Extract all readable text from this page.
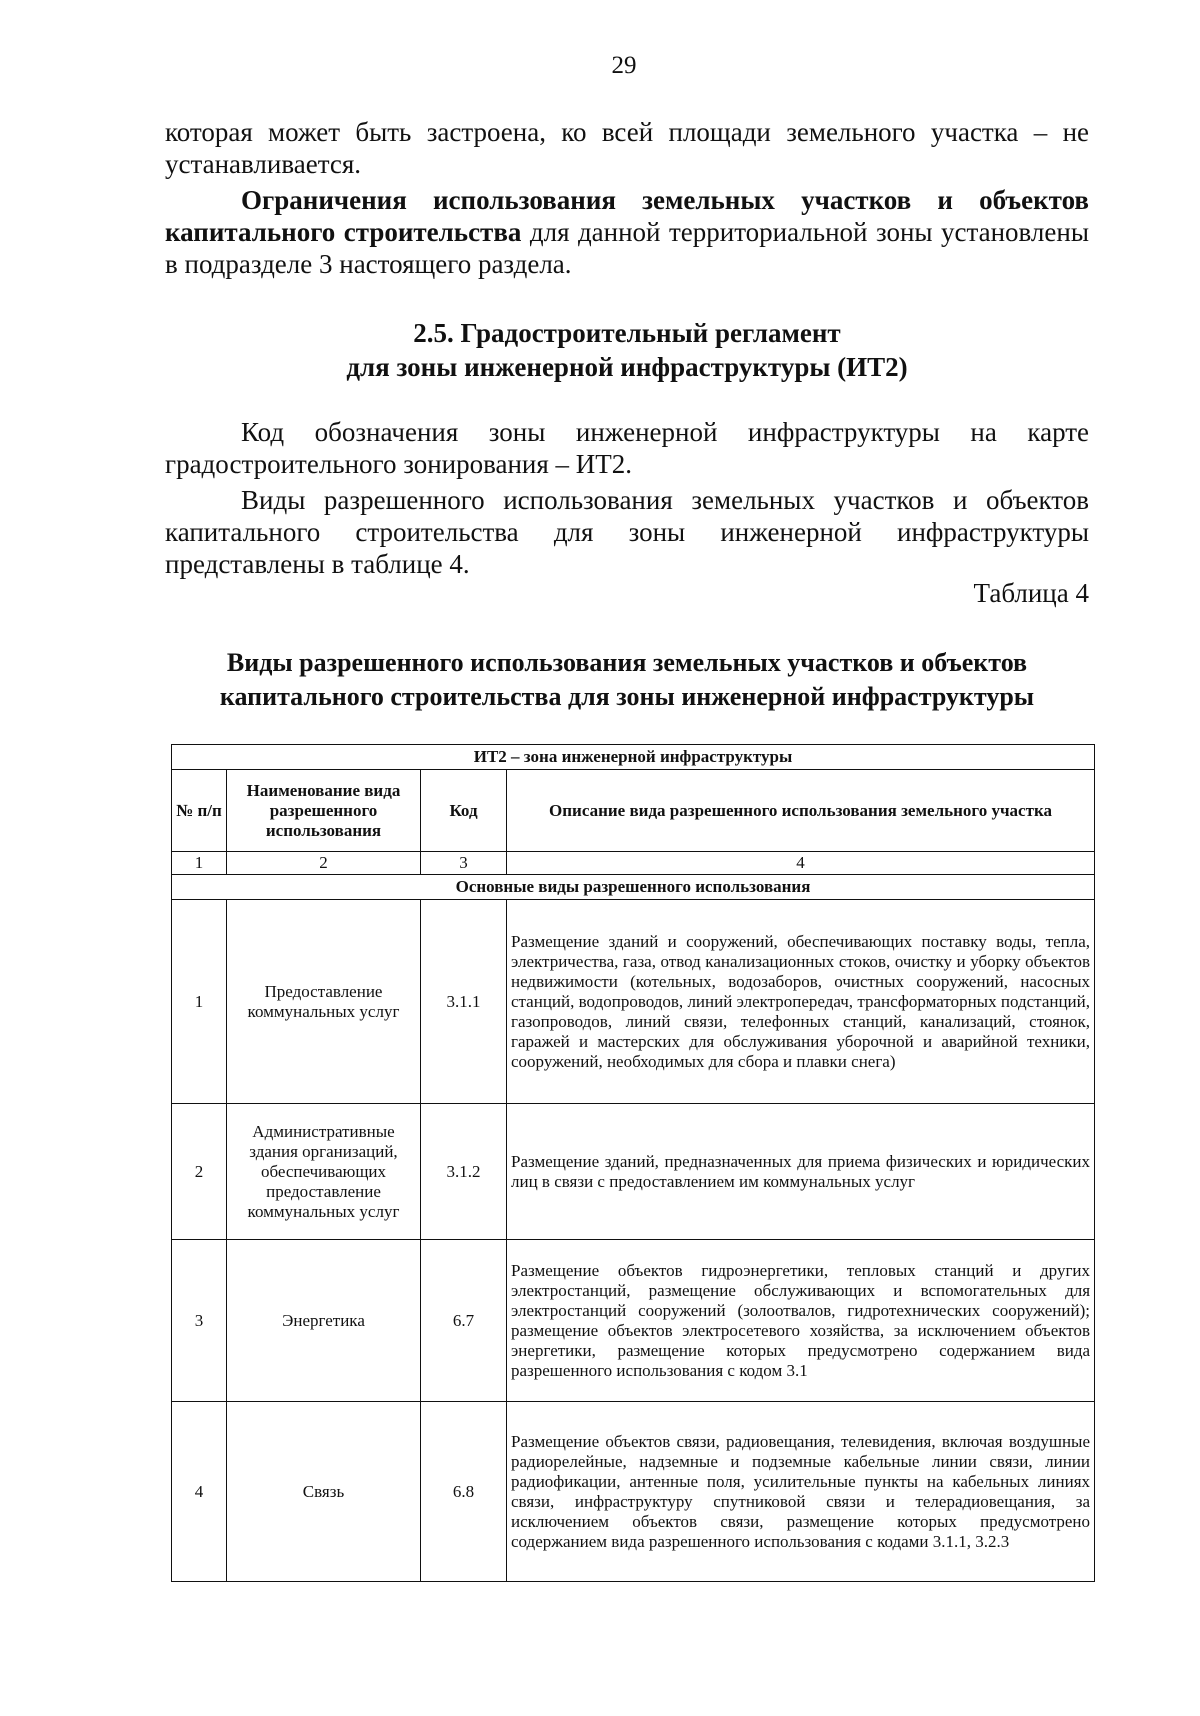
29
которая может быть застроена, ко всей площади земельного участка – не устанавливается.
Ограничения использования земельных участков и объектов капитального строительства для данной территориальной зоны установлены в подразделе 3 настоящего раздела.
2.5. Градостроительный регламент
для зоны инженерной инфраструктуры (ИТ2)
Код обозначения зоны инженерной инфраструктуры на карте градостроительного зонирования – ИТ2.
Виды разрешенного использования земельных участков и объектов капитального строительства для зоны инженерной инфраструктуры представлены в таблице 4.
Таблица 4
Виды разрешенного использования земельных участков и объектов
капитального строительства для зоны инженерной инфраструктуры
ИТ2 – зона инженерной инфраструктуры			
№ п/п	Наименование вида разрешенного использования	Код	Описание вида разрешенного использования земельного участка
1	2	3	4
Основные виды разрешенного использования			
1	Предоставление коммунальных услуг	3.1.1	Размещение зданий и сооружений, обеспечивающих поставку воды, тепла, электричества, газа, отвод канализационных стоков, очистку и уборку объектов недвижимости (котельных, водозаборов, очистных сооружений, насосных станций, водопроводов, линий электропередач, трансформаторных подстанций, газопроводов, линий связи, телефонных станций, канализаций, стоянок, гаражей и мастерских для обслуживания уборочной и аварийной техники, сооружений, необходимых для сбора и плавки снега)
2	Административные здания организаций, обеспечивающих предоставление коммунальных услуг	3.1.2	Размещение зданий, предназначенных для приема физических и юридических лиц в связи с предоставлением им коммунальных услуг
3	Энергетика	6.7	Размещение объектов гидроэнергетики, тепловых станций и других электростанций, размещение обслуживающих и вспомогательных для электростанций сооружений (золоотвалов, гидротехнических сооружений); размещение объектов электросетевого хозяйства, за исключением объектов энергетики, размещение которых предусмотрено содержанием вида разрешенного использования с кодом 3.1
4	Связь	6.8	Размещение объектов связи, радиовещания, телевидения, включая воздушные радиорелейные, надземные и подземные кабельные линии связи, линии радиофикации, антенные поля, усилительные пункты на кабельных линиях связи, инфраструктуру спутниковой связи и телерадиовещания, за исключением объектов связи, размещение которых предусмотрено содержанием вида разрешенного использования с кодами 3.1.1, 3.2.3
